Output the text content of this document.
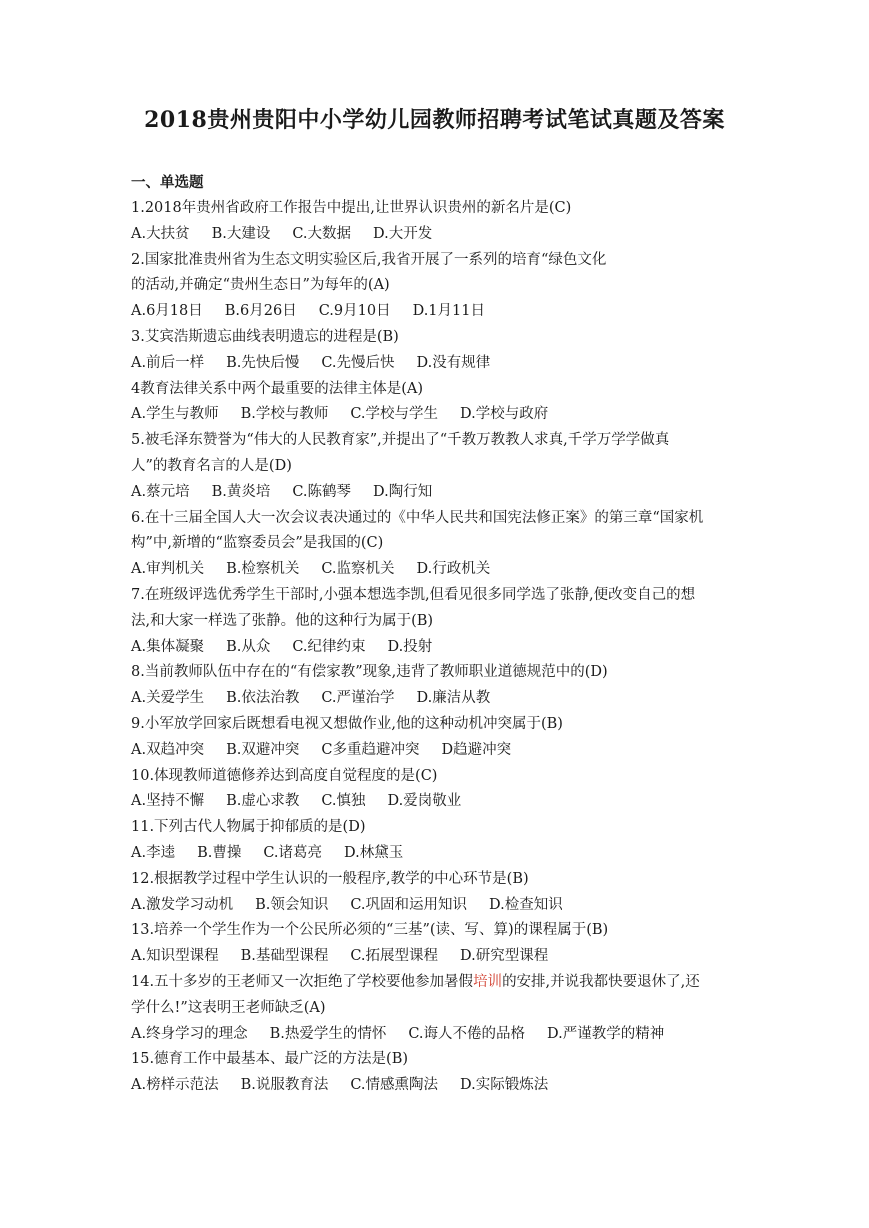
2018贵州贵阳中小学幼儿园教师招聘考试笔试真题及答案
一、单选题
1.2018年贵州省政府工作报告中提出,让世界认识贵州的新名片是(C)
A.大扶贫 B.大建设 C.大数据 D.大开发
2.国家批准贵州省为生态文明实验区后,我省开展了一系列的培育“绿色文化
的活动,并确定“贵州生态日”为每年的(A)
A.6月18日 B.6月26日 C.9月10日 D.1月11日
3.艾宾浩斯遗忘曲线表明遗忘的进程是(B)
A.前后一样 B.先快后慢 C.先慢后快 D.没有规律
4教育法律关系中两个最重要的法律主体是(A)
A.学生与教师 B.学校与教师 C.学校与学生 D.学校与政府
5.被毛泽东赞誉为“伟大的人民教育家”,并提出了“千教万教教人求真,千学万学学做真
人”的教育名言的人是(D)
A.蔡元培 B.黄炎培 C.陈鹤琴 D.陶行知
6.在十三届全国人大一次会议表决通过的《中华人民共和国宪法修正案》的第三章“国家机
构”中,新增的“监察委员会”是我国的(C)
A.审判机关 B.检察机关 C.监察机关 D.行政机关
7.在班级评选优秀学生干部时,小强本想选李凯,但看见很多同学选了张静,便改变自己的想
法,和大家一样选了张静。他的这种行为属于(B)
A.集体凝聚 B.从众 C.纪律约束 D.投射
8.当前教师队伍中存在的“有偿家教”现象,违背了教师职业道德规范中的(D)
A.关爱学生 B.依法治教 C.严谨治学 D.廉洁从教
9.小军放学回家后既想看电视又想做作业,他的这种动机冲突属于(B)
A.双趋冲突 B.双避冲突 C多重趋避冲突 D趋避冲突
10.体现教师道德修养达到高度自觉程度的是(C)
A.坚持不懈 B.虚心求教 C.慎独 D.爱岗敬业
11.下列古代人物属于抑郁质的是(D)
A.李逵 B.曹操 C.诸葛亮 D.林黛玉
12.根据教学过程中学生认识的一般程序,教学的中心环节是(B)
A.激发学习动机 B.领会知识 C.巩固和运用知识 D.检查知识
13.培养一个学生作为一个公民所必须的“三基”(读、写、算)的课程属于(B)
A.知识型课程 B.基础型课程 C.拓展型课程 D.研究型课程
14.五十多岁的王老师又一次拒绝了学校要他参加暑假培训的安排,并说我都快要退休了,还
学什么!”这表明王老师缺乏(A)
A.终身学习的理念 B.热爱学生的情怀 C.诲人不倦的品格 D.严谨教学的精神
15.德育工作中最基本、最广泛的方法是(B)
A.榜样示范法 B.说服教育法 C.情感熏陶法 D.实际锻炼法
